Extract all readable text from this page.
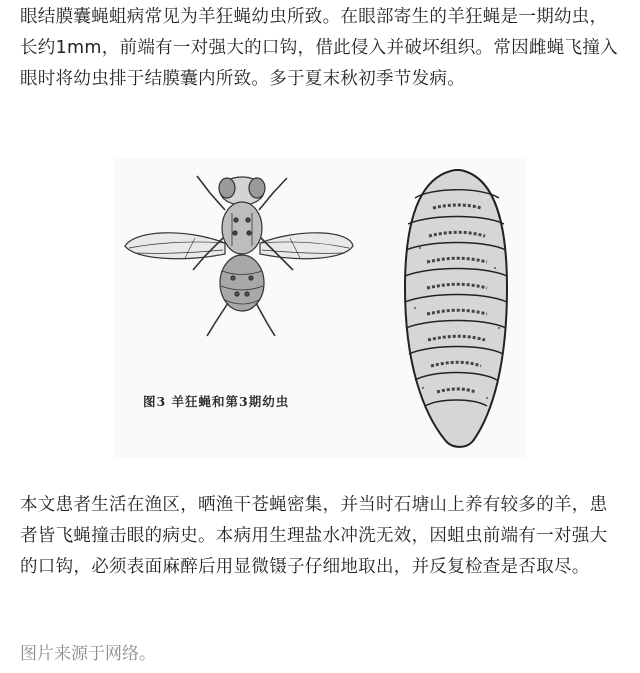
眼结膜囊蝇蛆病常见为羊狂蝇幼虫所致。在眼部寄生的羊狂蝇是一期幼虫，长约1mm，前端有一对强大的口钩，借此侵入并破坏组织。常因雌蝇飞撞入眼时将幼虫排于结膜囊内所致。多于夏末秋初季节发病。

图3 羊狂蝇和第3期幼虫

本文患者生活在渔区，晒渔干苍蝇密集，并当时石塘山上养有较多的羊，患者皆飞蝇撞击眼的病史。本病用生理盐水冲洗无效，因蛆虫前端有一对强大的口钩，必须表面麻醉后用显微镊子仔细地取出，并反复检查是否取尽。

图片来源于网络。
